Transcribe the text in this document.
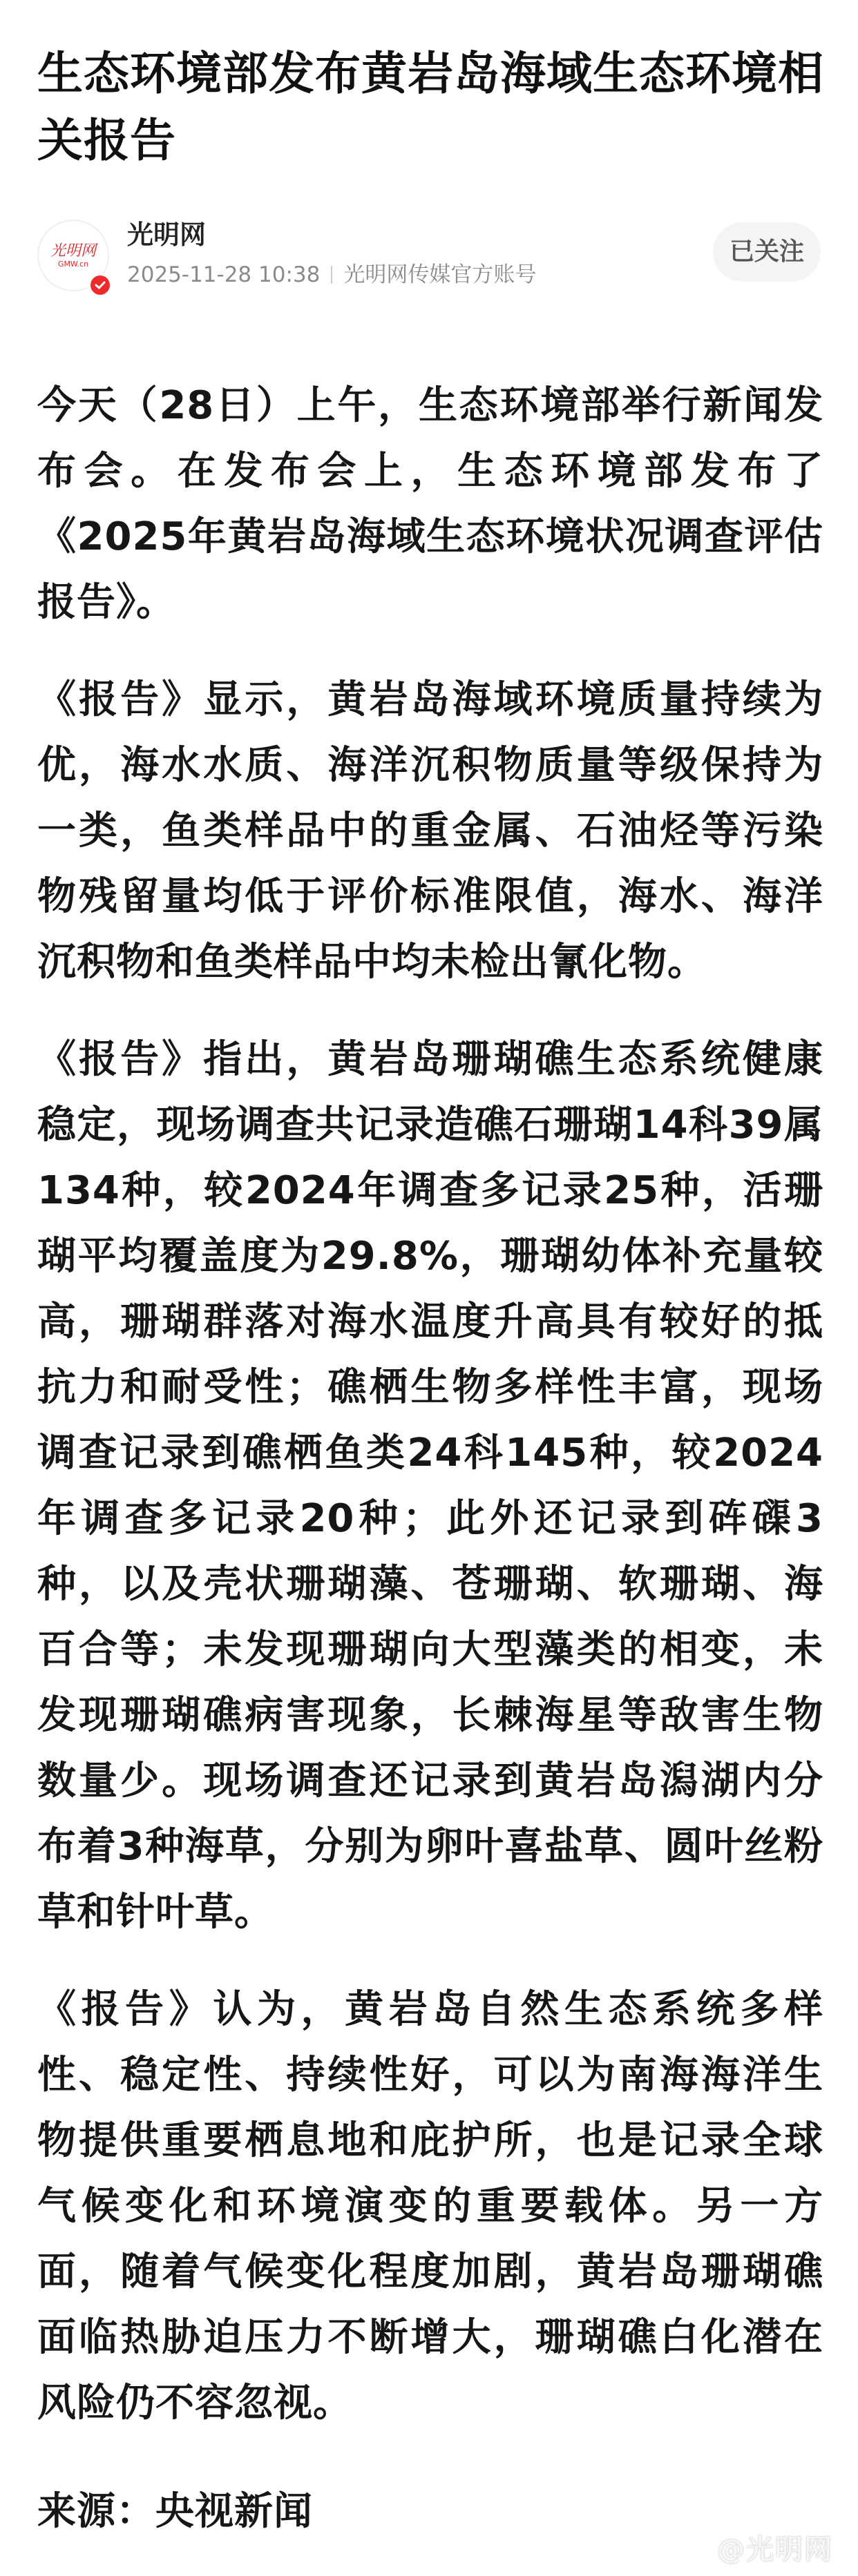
生态环境部发布黄岩岛海域生态环境相关报告
光明网
GMW.cn
光明网
2025-11-28 10:38 光明网传媒官方账号
已关注

今天（28日）上午，生态环境部举行新闻发布会。在发布会上，生态环境部发布了《2025年黄岩岛海域生态环境状况调查评估报告》。

《报告》显示，黄岩岛海域环境质量持续为优，海水水质、海洋沉积物质量等级保持为一类，鱼类样品中的重金属、石油烃等污染物残留量均低于评价标准限值，海水、海洋沉积物和鱼类样品中均未检出氰化物。

《报告》指出，黄岩岛珊瑚礁生态系统健康稳定，现场调查共记录造礁石珊瑚14科39属134种，较2024年调查多记录25种，活珊瑚平均覆盖度为29.8%，珊瑚幼体补充量较高，珊瑚群落对海水温度升高具有较好的抵抗力和耐受性；礁栖生物多样性丰富，现场调查记录到礁栖鱼类24科145种，较2024年调查多记录20种；此外还记录到砗磲3种，以及壳状珊瑚藻、苍珊瑚、软珊瑚、海百合等；未发现珊瑚向大型藻类的相变，未发现珊瑚礁病害现象，长棘海星等敌害生物数量少。现场调查还记录到黄岩岛潟湖内分布着3种海草，分别为卵叶喜盐草、圆叶丝粉草和针叶草。

《报告》认为，黄岩岛自然生态系统多样性、稳定性、持续性好，可以为南海海洋生物提供重要栖息地和庇护所，也是记录全球气候变化和环境演变的重要载体。另一方面，随着气候变化程度加剧，黄岩岛珊瑚礁面临热胁迫压力不断增大，珊瑚礁白化潜在风险仍不容忽视。

来源：央视新闻
@光明网
